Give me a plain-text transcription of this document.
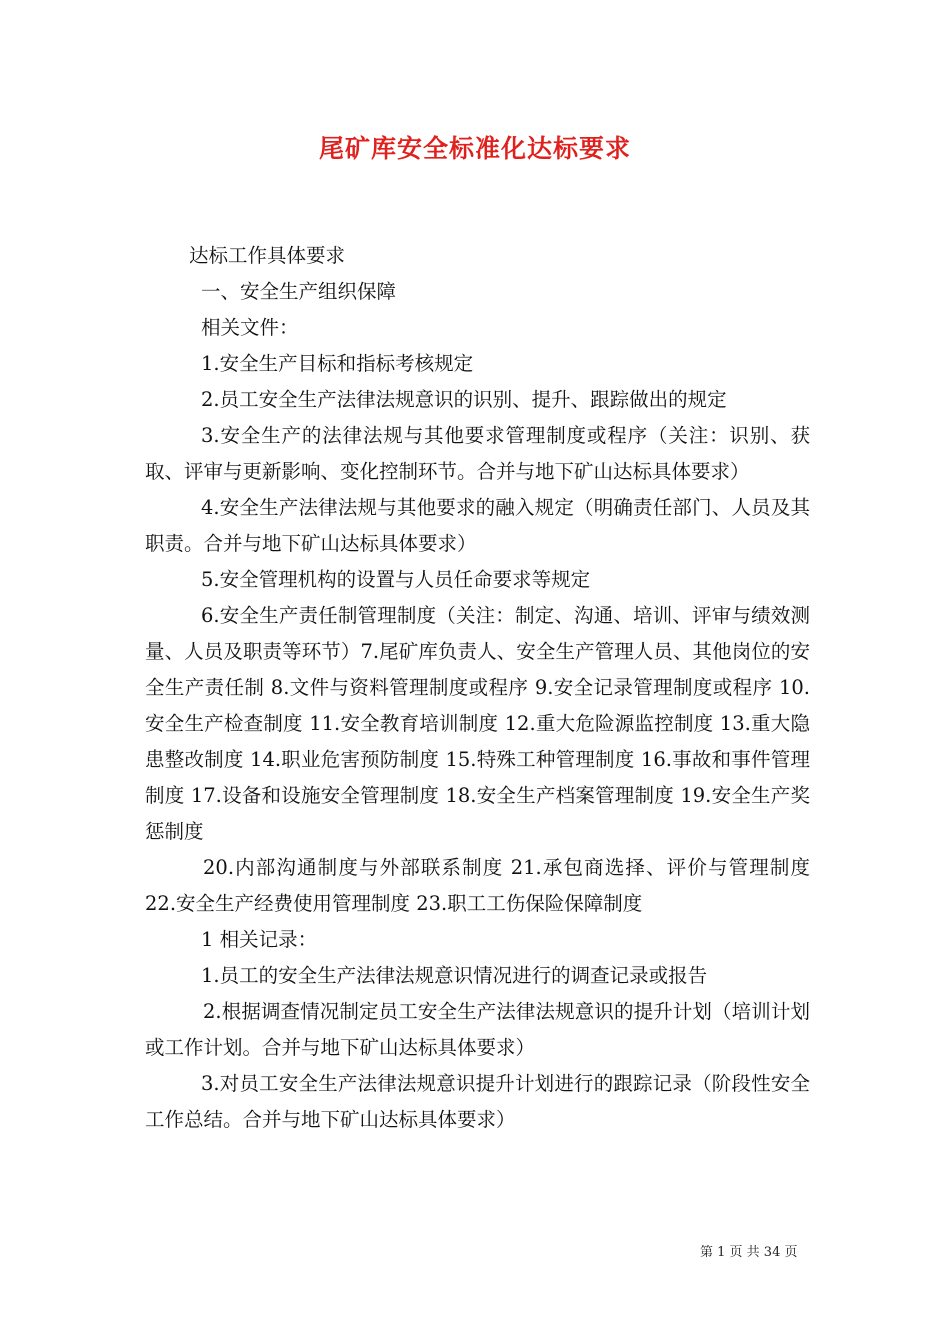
尾矿库安全标准化达标要求

达标工作具体要求

一、安全生产组织保障

相关文件：

1.安全生产目标和指标考核规定

2.员工安全生产法律法规意识的识别、提升、跟踪做出的规定

3.安全生产的法律法规与其他要求管理制度或程序（关注：识别、获取、评审与更新影响、变化控制环节。合并与地下矿山达标具体要求）

4.安全生产法律法规与其他要求的融入规定（明确责任部门、人员及其职责。合并与地下矿山达标具体要求）

5.安全管理机构的设置与人员任命要求等规定

6.安全生产责任制管理制度（关注：制定、沟通、培训、评审与绩效测量、人员及职责等环节）7.尾矿库负责人、安全生产管理人员、其他岗位的安全生产责任制 8.文件与资料管理制度或程序 9.安全记录管理制度或程序 10.安全生产检查制度 11.安全教育培训制度 12.重大危险源监控制度 13.重大隐患整改制度 14.职业危害预防制度 15.特殊工种管理制度 16.事故和事件管理制度 17.设备和设施安全管理制度 18.安全生产档案管理制度 19.安全生产奖惩制度

20.内部沟通制度与外部联系制度 21.承包商选择、评价与管理制度 22.安全生产经费使用管理制度 23.职工工伤保险保障制度

1 相关记录：

1.员工的安全生产法律法规意识情况进行的调查记录或报告

2.根据调查情况制定员工安全生产法律法规意识的提升计划（培训计划或工作计划。合并与地下矿山达标具体要求）

3.对员工安全生产法律法规意识提升计划进行的跟踪记录（阶段性安全工作总结。合并与地下矿山达标具体要求）

第 1 页 共 34 页
